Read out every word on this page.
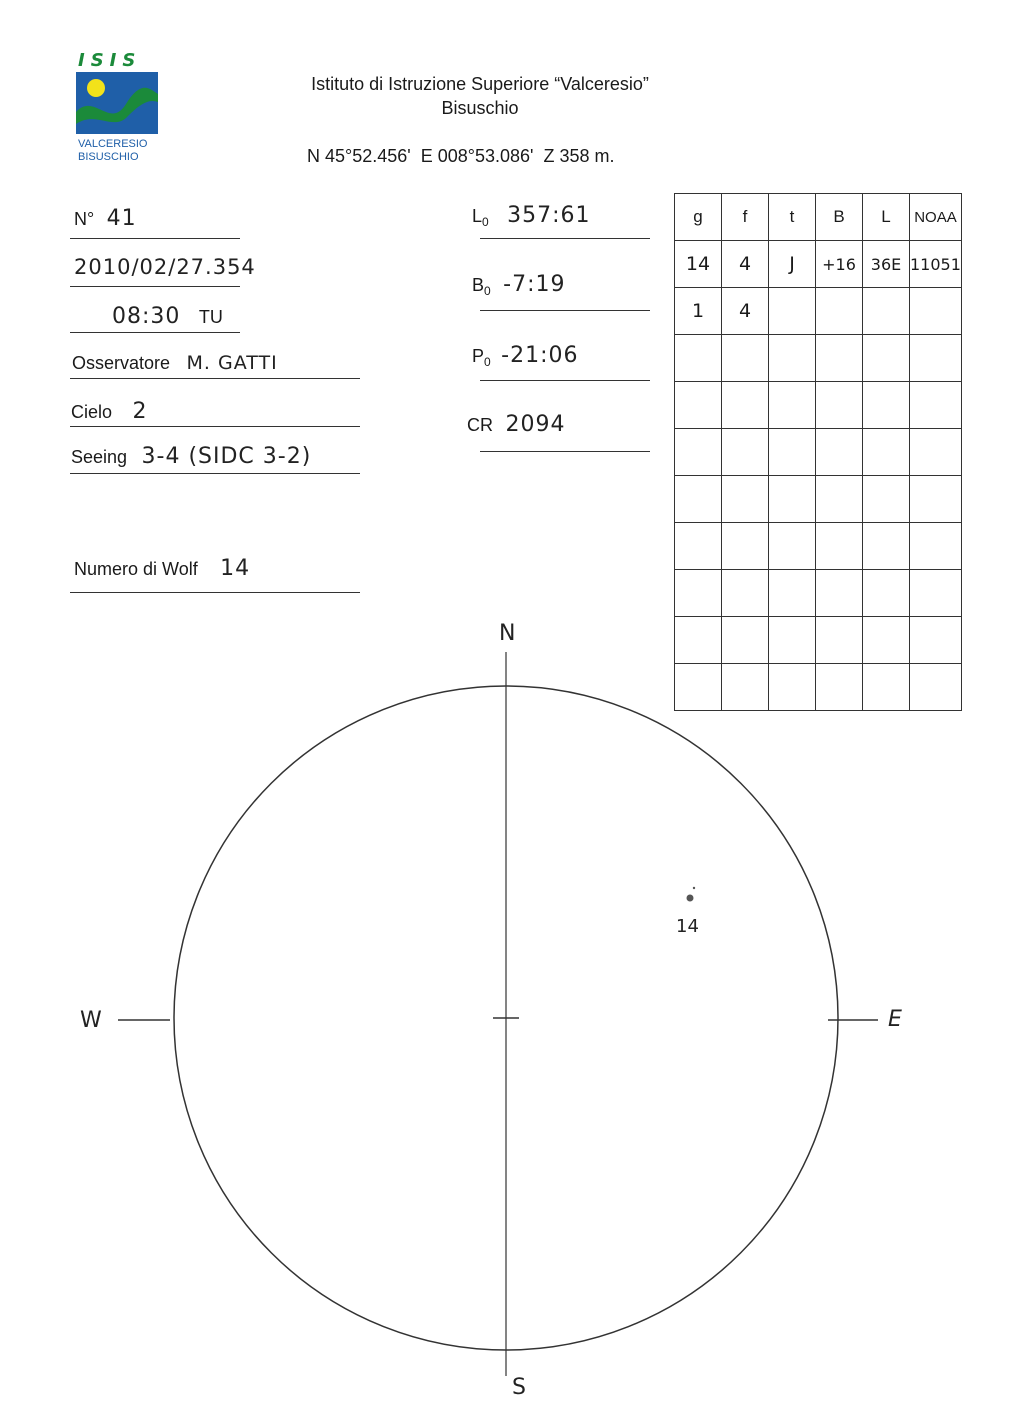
ISIS
VALCERESIO
BISUSCHIO
Istituto di Istruzione Superiore “Valceresio”
Bisuschio
N 45°52.456'  E 008°53.086'  Z 358 m.
N° 41
2010/02/27.354
08:30 TU
Osservatore M. GATTI
Cielo 2
Seeing 3-4 (SIDC 3-2)
Numero di Wolf 14
$L_0$ 357:61
$B_0$ -7:19
$P_0$ -21:06
CR 2094
g	f	t	B	L	NOAA
14	4	J	+16	36E	11051
1	4				

N
S
W	E
14
